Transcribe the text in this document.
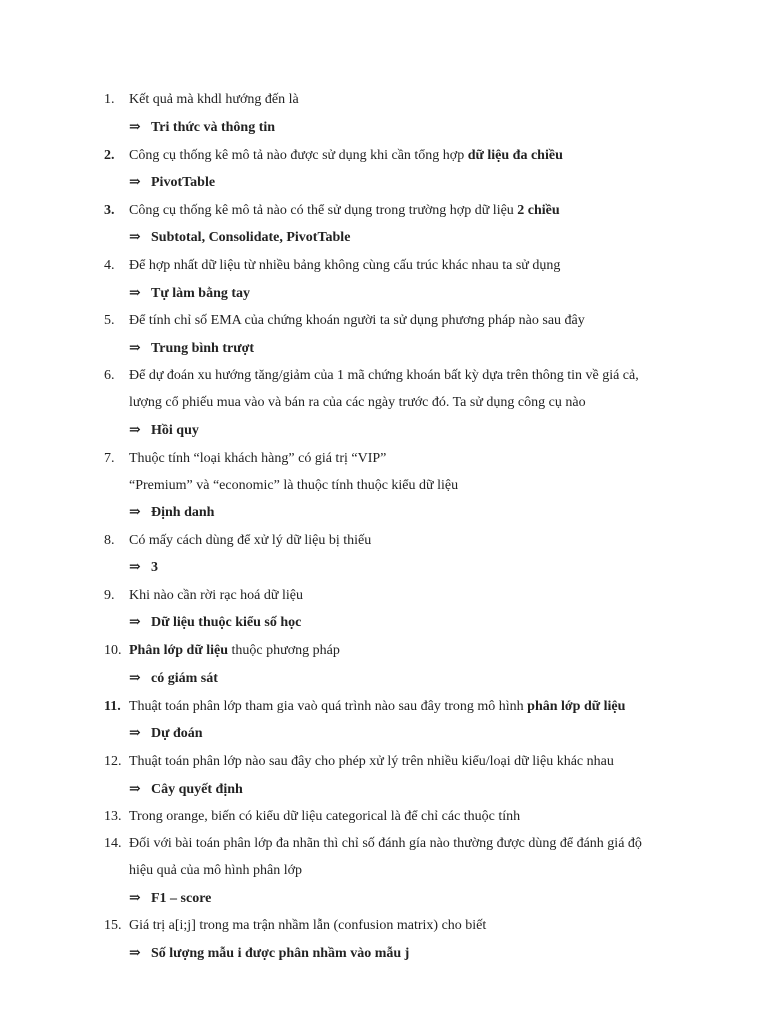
1.	Kết quả mà khdl hướng đến là
⇒ Tri thức và thông tin
2.	Công cụ thống kê mô tả nào được sử dụng khi cần tổng hợp dữ liệu đa chiều
⇒ PivotTable
3.	Công cụ thống kê mô tả nào có thể sử dụng trong trường hợp dữ liệu 2 chiều
⇒ Subtotal, Consolidate, PivotTable
4.	Để hợp nhất dữ liệu từ nhiều bảng không cùng cấu trúc khác nhau ta sử dụng
⇒ Tự làm bằng tay
5.	Để tính chỉ số EMA của chứng khoán người ta sử dụng phương pháp nào sau đây
⇒ Trung bình trượt
6.	Để dự đoán xu hướng tăng/giảm của 1 mã chứng khoán bất kỳ dựa trên thông tin về giá cả,
lượng cổ phiếu mua vào và bán ra của các ngày trước đó. Ta sử dụng công cụ nào
⇒ Hồi quy
7.	Thuộc tính “loại khách hàng” có giá trị “VIP”
“Premium” và “economic” là thuộc tính thuộc kiểu dữ liệu
⇒ Định danh
8.	Có mấy cách dùng để xử lý dữ liệu bị thiếu
⇒ 3
9.	Khi nào cần rời rạc hoá dữ liệu
⇒ Dữ liệu thuộc kiểu số học
10. Phân lớp dữ liệu thuộc phương pháp
⇒ có giám sát
11. Thuật toán phân lớp tham gia vaò quá trình nào sau đây trong mô hình phân lớp dữ liệu
⇒ Dự đoán
12. Thuật toán phân lớp nào sau đây cho phép xử lý trên nhiều kiểu/loại dữ liệu khác nhau
⇒ Cây quyết định
13. Trong orange, biến có kiểu dữ liệu categorical là để chỉ các thuộc tính
14. Đối với bài toán phân lớp đa nhãn thì chỉ số đánh gía nào thường được dùng để đánh giá độ
hiệu quả của mô hình phân lớp
⇒ F1 – score
15. Giá trị a[i;j] trong ma trận nhầm lẫn (confusion matrix) cho biết
⇒ Số lượng mẫu i được phân nhầm vào mẫu j
